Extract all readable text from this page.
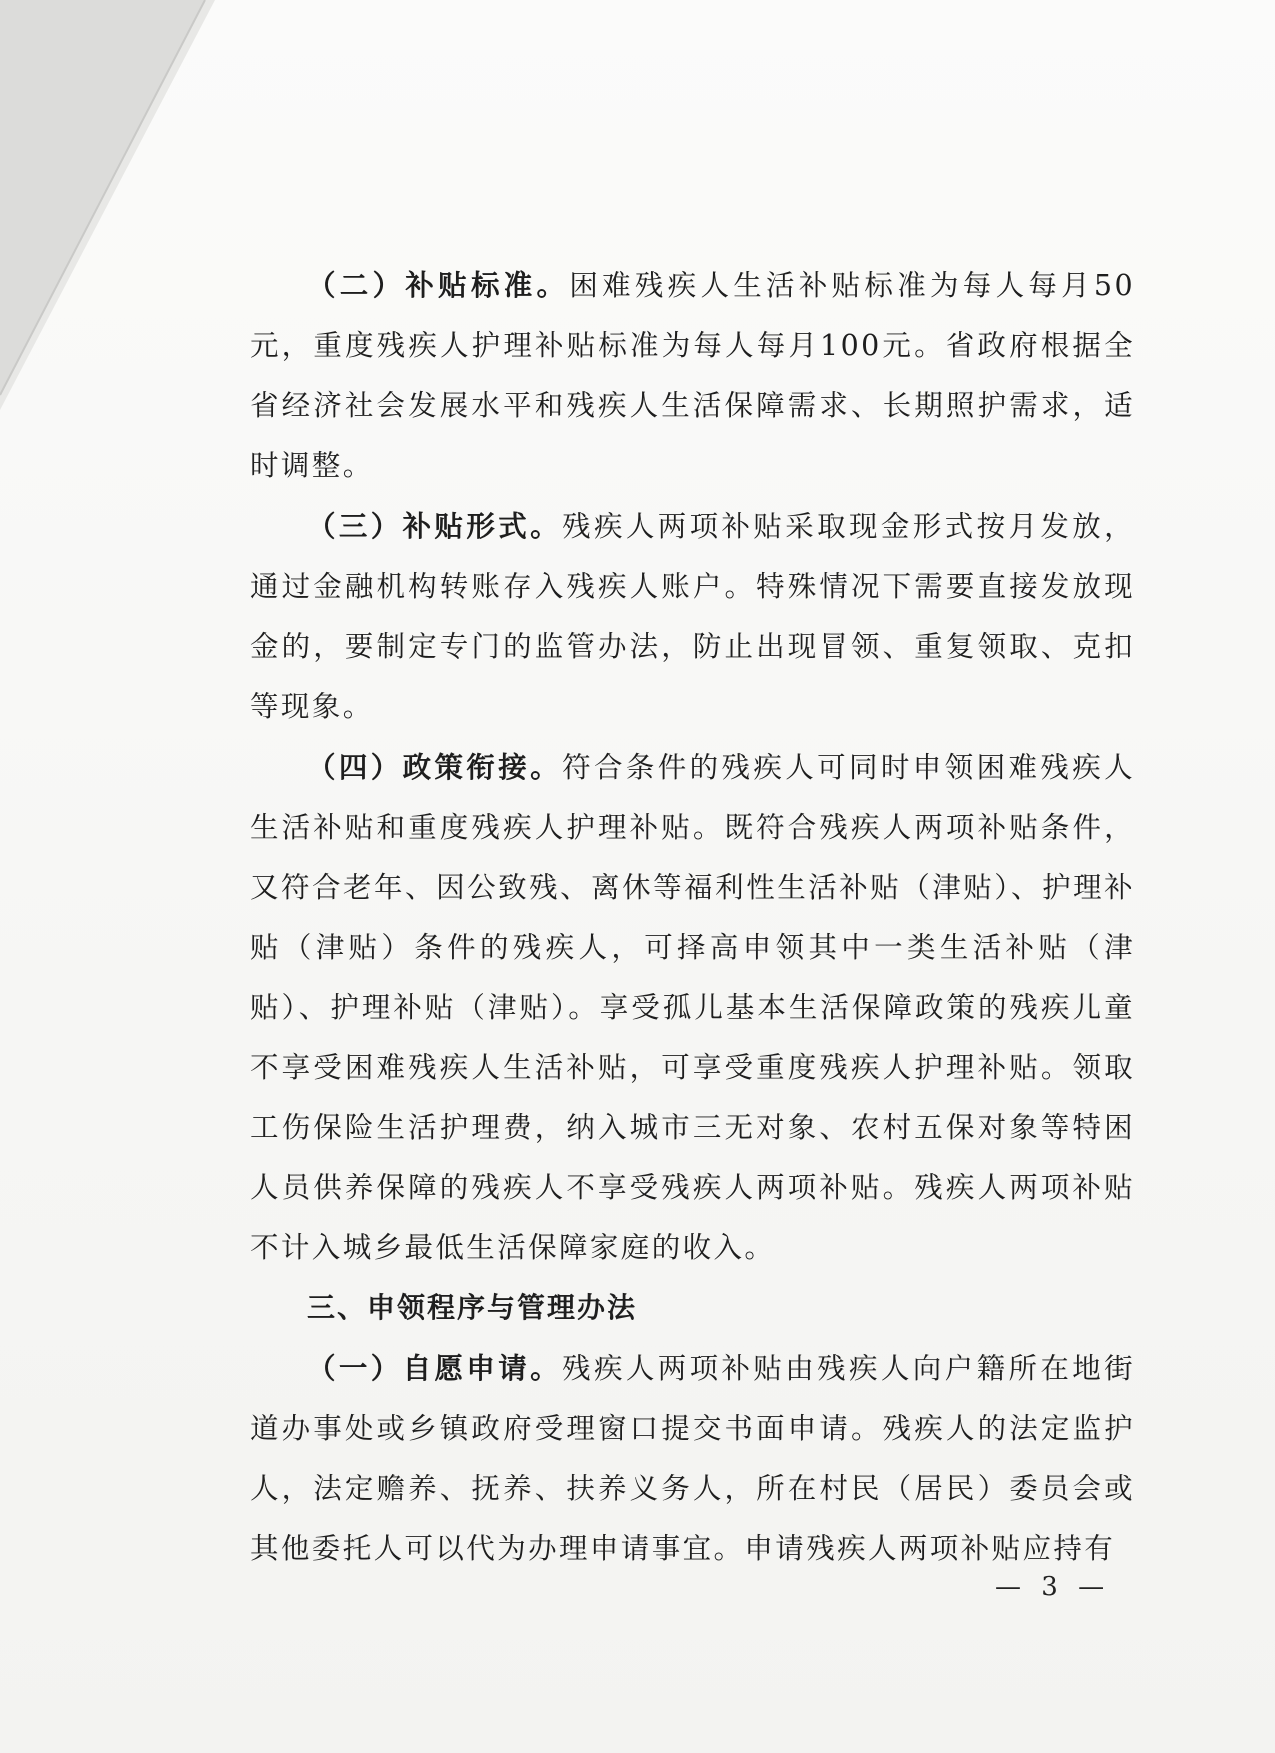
（二）补贴标准。困难残疾人生活补贴标准为每人每月50元，重度残疾人护理补贴标准为每人每月100元。省政府根据全省经济社会发展水平和残疾人生活保障需求、长期照护需求，适时调整。

（三）补贴形式。残疾人两项补贴采取现金形式按月发放，通过金融机构转账存入残疾人账户。特殊情况下需要直接发放现金的，要制定专门的监管办法，防止出现冒领、重复领取、克扣等现象。

（四）政策衔接。符合条件的残疾人可同时申领困难残疾人生活补贴和重度残疾人护理补贴。既符合残疾人两项补贴条件，又符合老年、因公致残、离休等福利性生活补贴（津贴）、护理补贴（津贴）条件的残疾人，可择高申领其中一类生活补贴（津贴）、护理补贴（津贴）。享受孤儿基本生活保障政策的残疾儿童不享受困难残疾人生活补贴，可享受重度残疾人护理补贴。领取工伤保险生活护理费，纳入城市三无对象、农村五保对象等特困人员供养保障的残疾人不享受残疾人两项补贴。残疾人两项补贴不计入城乡最低生活保障家庭的收入。

三、申领程序与管理办法

（一）自愿申请。残疾人两项补贴由残疾人向户籍所在地街道办事处或乡镇政府受理窗口提交书面申请。残疾人的法定监护人，法定赡养、抚养、扶养义务人，所在村民（居民）委员会或其他委托人可以代为办理申请事宜。申请残疾人两项补贴应持有

— 3 —
